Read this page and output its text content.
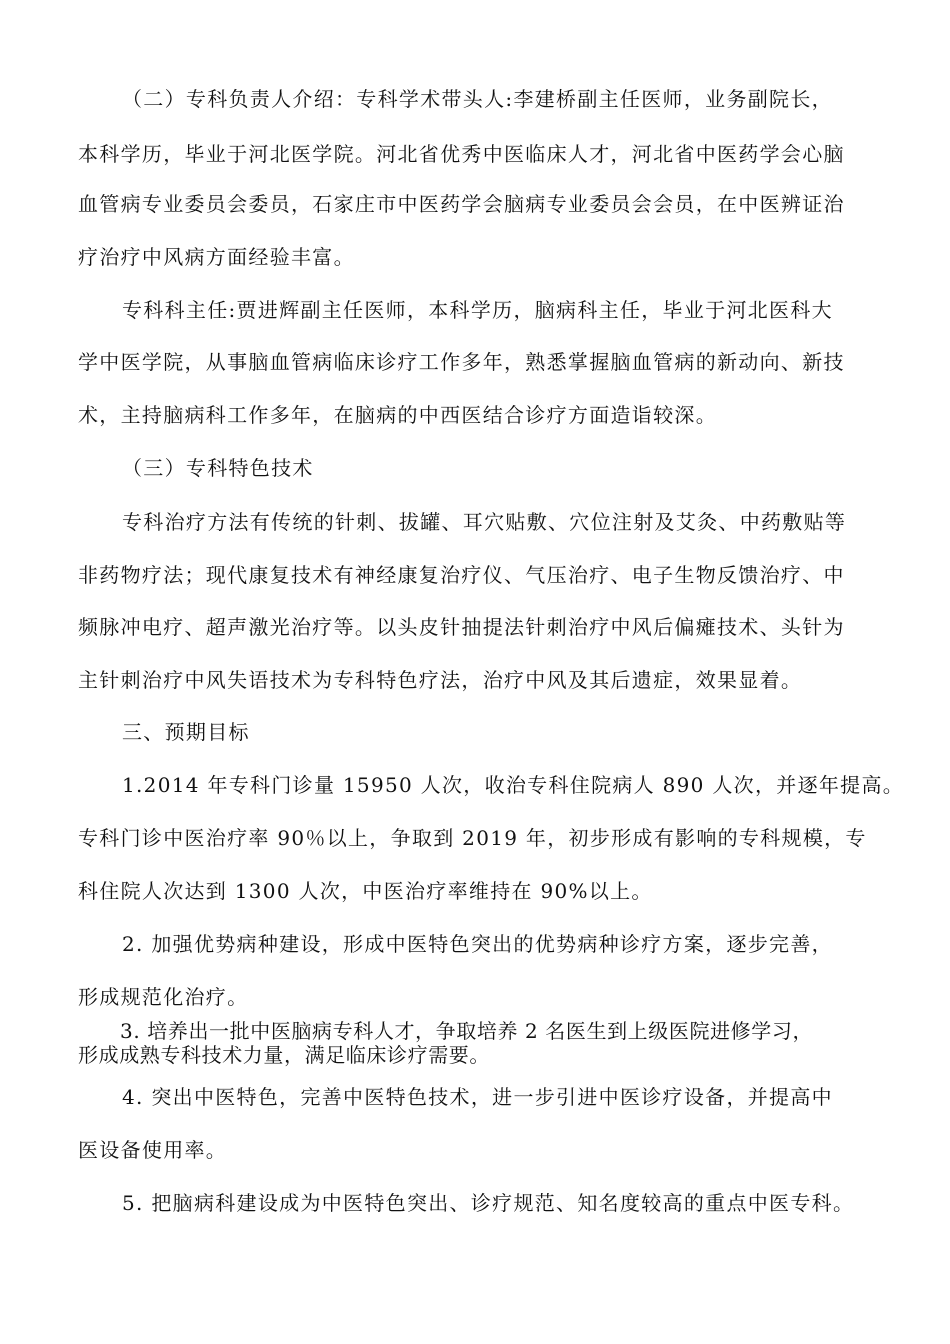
（二）专科负责人介绍：专科学术带头人:李建桥副主任医师，业务副院长，
本科学历，毕业于河北医学院。河北省优秀中医临床人才，河北省中医药学会心脑
血管病专业委员会委员，石家庄市中医药学会脑病专业委员会会员，在中医辨证治
疗治疗中风病方面经验丰富。
专科科主任:贾进辉副主任医师，本科学历，脑病科主任，毕业于河北医科大
学中医学院，从事脑血管病临床诊疗工作多年，熟悉掌握脑血管病的新动向、新技
术，主持脑病科工作多年，在脑病的中西医结合诊疗方面造诣较深。
（三）专科特色技术
专科治疗方法有传统的针刺、拔罐、耳穴贴敷、穴位注射及艾灸、中药敷贴等
非药物疗法；现代康复技术有神经康复治疗仪、气压治疗、电子生物反馈治疗、中
频脉冲电疗、超声激光治疗等。以头皮针抽提法针刺治疗中风后偏瘫技术、头针为
主针刺治疗中风失语技术为专科特色疗法，治疗中风及其后遗症，效果显着。
三、预期目标
1.2014 年专科门诊量 15950 人次，收治专科住院病人 890 人次，并逐年提高。
专科门诊中医治疗率 90％以上，争取到 2019 年，初步形成有影响的专科规模，专
科住院人次达到 1300 人次，中医治疗率维持在 90%以上。
2. 加强优势病种建设，形成中医特色突出的优势病种诊疗方案，逐步完善，
形成规范化治疗。
3. 培养出一批中医脑病专科人才，争取培养 2 名医生到上级医院进修学习，
形成成熟专科技术力量，满足临床诊疗需要。
4. 突出中医特色，完善中医特色技术，进一步引进中医诊疗设备，并提高中
医设备使用率。
5. 把脑病科建设成为中医特色突出、诊疗规范、知名度较高的重点中医专科。
